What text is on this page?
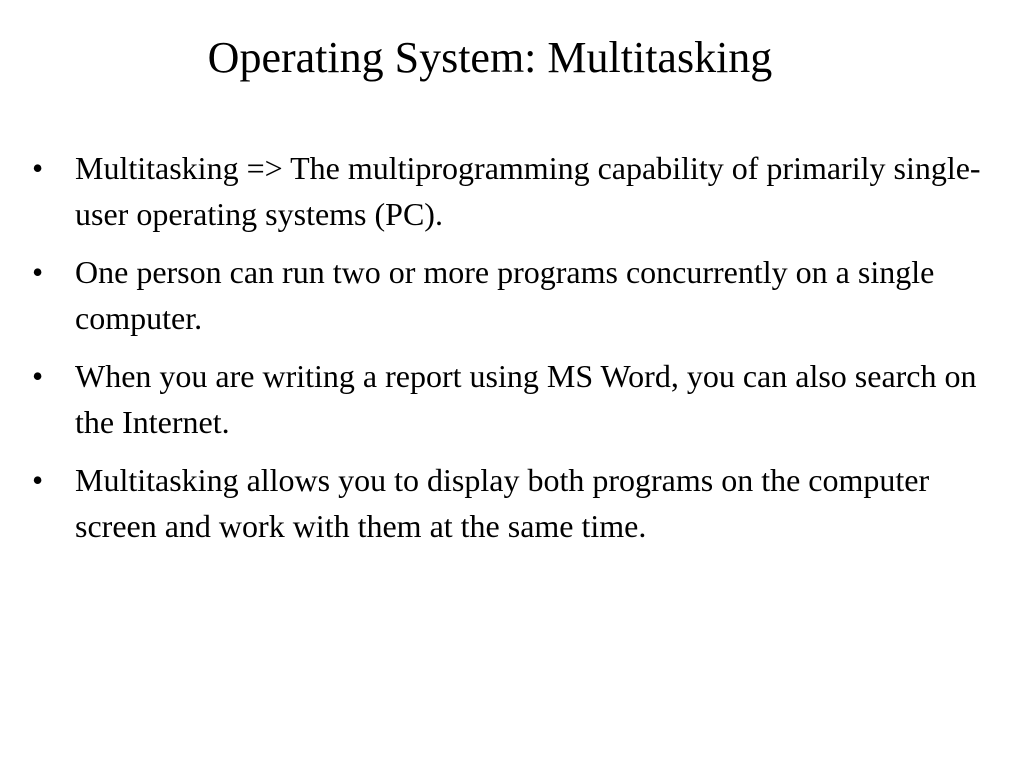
Operating System: Multitasking
• Multitasking => The multiprogramming capability of primarily single-user operating systems (PC).
• One person can run two or more programs concurrently on a single computer.
• When you are writing a report using MS Word, you can also search on the Internet.
• Multitasking allows you to display both programs on the computer screen and work with them at the same time.
